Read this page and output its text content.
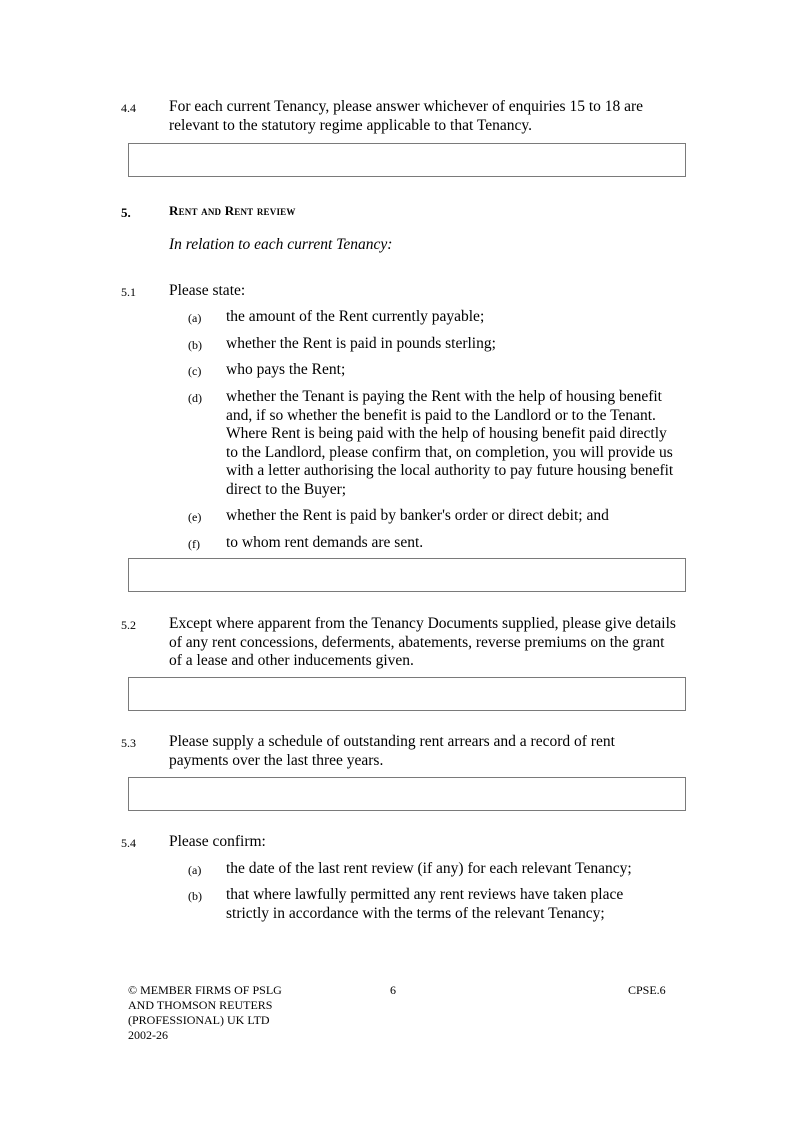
4.4 For each current Tenancy, please answer whichever of enquiries 15 to 18 are relevant to the statutory regime applicable to that Tenancy.
5.	Rent and Rent review
In relation to each current Tenancy:
5.1 Please state:
(a) the amount of the Rent currently payable;
(b) whether the Rent is paid in pounds sterling;
(c) who pays the Rent;
(d) whether the Tenant is paying the Rent with the help of housing benefit and, if so whether the benefit is paid to the Landlord or to the Tenant. Where Rent is being paid with the help of housing benefit paid directly to the Landlord, please confirm that, on completion, you will provide us with a letter authorising the local authority to pay future housing benefit direct to the Buyer;
(e) whether the Rent is paid by banker's order or direct debit; and
(f) to whom rent demands are sent.
5.2 Except where apparent from the Tenancy Documents supplied, please give details of any rent concessions, deferments, abatements, reverse premiums on the grant of a lease and other inducements given.
5.3 Please supply a schedule of outstanding rent arrears and a record of rent payments over the last three years.
5.4 Please confirm:
(a) the date of the last rent review (if any) for each relevant Tenancy;
(b) that where lawfully permitted any rent reviews have taken place strictly in accordance with the terms of the relevant Tenancy;
© MEMBER FIRMS OF PSLG
AND THOMSON REUTERS
(PROFESSIONAL) UK LTD
2002-26
6	CPSE.6
